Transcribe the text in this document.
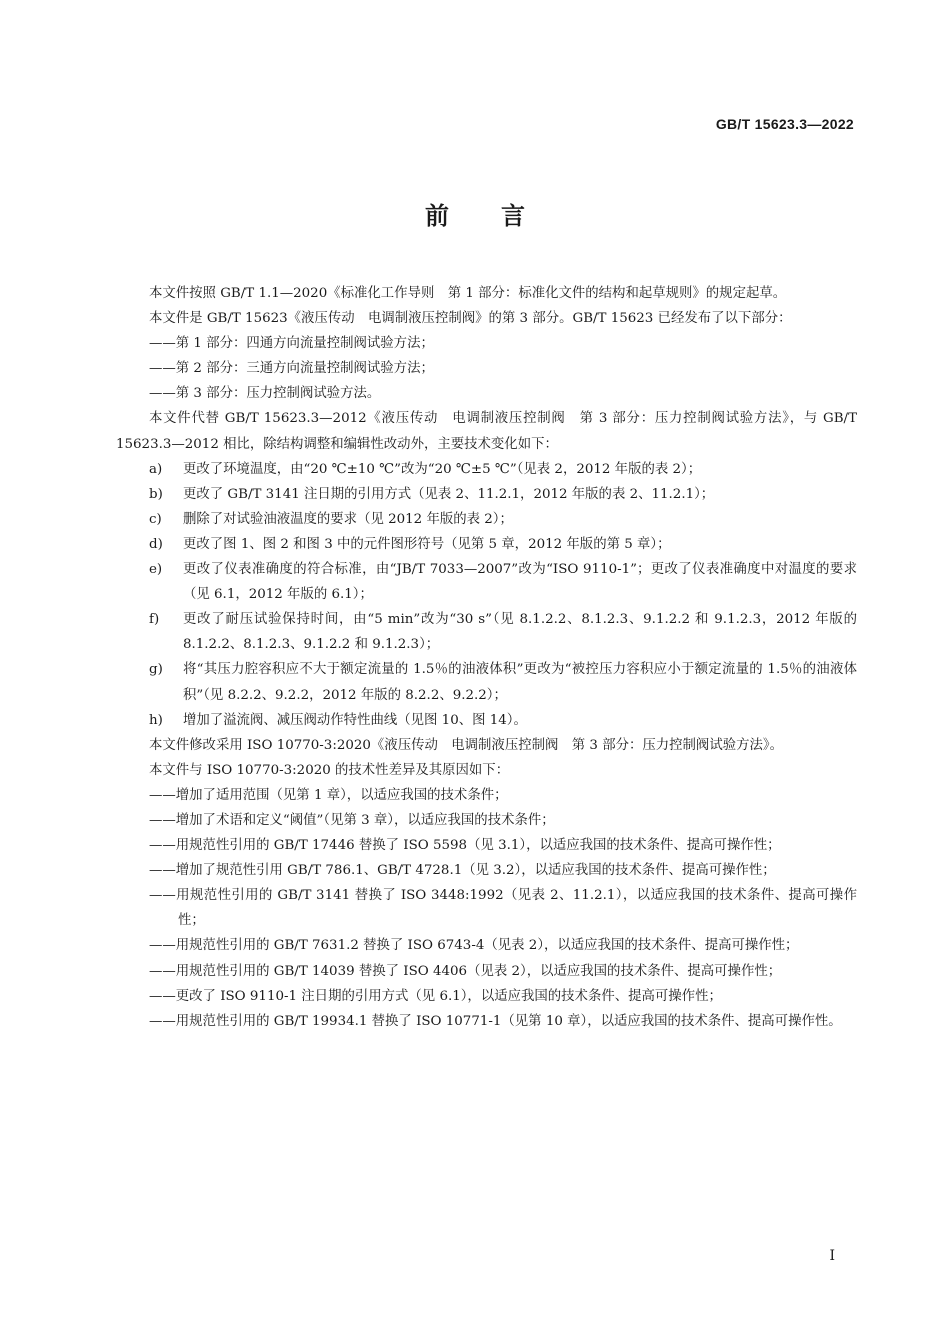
GB/T 15623.3—2022

前言

本文件按照 GB/T 1.1—2020《标准化工作导则　第 1 部分：标准化文件的结构和起草规则》的规定起草。

本文件是 GB/T 15623《液压传动　电调制液压控制阀》的第 3 部分。GB/T 15623 已经发布了以下部分：

——第 1 部分：四通方向流量控制阀试验方法；

——第 2 部分：三通方向流量控制阀试验方法；

——第 3 部分：压力控制阀试验方法。

本文件代替 GB/T 15623.3—2012《液压传动　电调制液压控制阀　第 3 部分：压力控制阀试验方法》，与 GB/T 15623.3—2012 相比，除结构调整和编辑性改动外，主要技术变化如下：

a)	更改了环境温度，由“20 ℃±10 ℃”改为“20 ℃±5 ℃”（见表 2，2012 年版的表 2）；
b)	更改了 GB/T 3141 注日期的引用方式（见表 2、11.2.1，2012 年版的表 2、11.2.1）；
c)	删除了对试验油液温度的要求（见 2012 年版的表 2）；
d)	更改了图 1、图 2 和图 3 中的元件图形符号（见第 5 章，2012 年版的第 5 章）；
e)	更改了仪表准确度的符合标准，由“JB/T 7033—2007”改为“ISO 9110-1”；更改了仪表准确度中对温度的要求（见 6.1，2012 年版的 6.1）；
f)	更改了耐压试验保持时间，由“5 min”改为“30 s”（见 8.1.2.2、8.1.2.3、9.1.2.2 和 9.1.2.3，2012 年版的 8.1.2.2、8.1.2.3、9.1.2.2 和 9.1.2.3）；
g)	将“其压力腔容积应不大于额定流量的 1.5％的油液体积”更改为“被控压力容积应小于额定流量的 1.5％的油液体积”（见 8.2.2、9.2.2，2012 年版的 8.2.2、9.2.2）；
h)	增加了溢流阀、减压阀动作特性曲线（见图 10、图 14）。

本文件修改采用 ISO 10770-3:2020《液压传动　电调制液压控制阀　第 3 部分：压力控制阀试验方法》。

本文件与 ISO 10770-3:2020 的技术性差异及其原因如下：

——增加了适用范围（见第 1 章），以适应我国的技术条件；

——增加了术语和定义“阈值”（见第 3 章），以适应我国的技术条件；

——用规范性引用的 GB/T 17446 替换了 ISO 5598（见 3.1），以适应我国的技术条件、提高可操作性；

——增加了规范性引用 GB/T 786.1、GB/T 4728.1（见 3.2），以适应我国的技术条件、提高可操作性；

——用规范性引用的 GB/T 3141 替换了 ISO 3448:1992（见表 2、11.2.1），以适应我国的技术条件、提高可操作性；

——用规范性引用的 GB/T 7631.2 替换了 ISO 6743-4（见表 2），以适应我国的技术条件、提高可操作性；

——用规范性引用的 GB/T 14039 替换了 ISO 4406（见表 2），以适应我国的技术条件、提高可操作性；

——更改了 ISO 9110-1 注日期的引用方式（见 6.1），以适应我国的技术条件、提高可操作性；

——用规范性引用的 GB/T 19934.1 替换了 ISO 10771-1（见第 10 章），以适应我国的技术条件、提高可操作性。

I
